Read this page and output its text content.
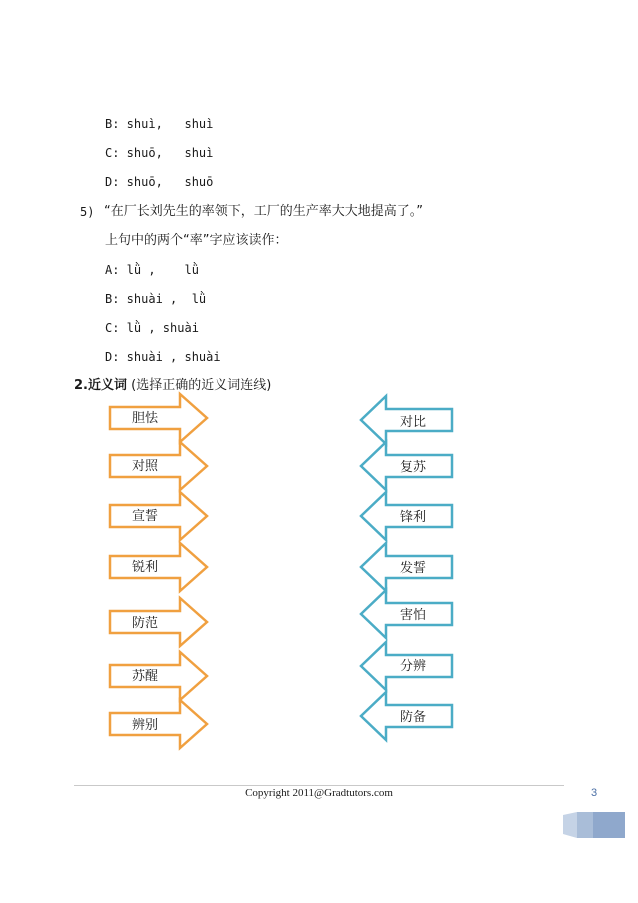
B: shuì,   shuì
C: shuō,   shuì
D: shuō,   shuō
5) “在厂长刘先生的率领下，工厂的生产率大大地提高了。”
上句中的两个“率”字应该读作：
A: lǜ ,    lǜ
B: shuài ,  lǜ
C: lǜ , shuài
D: shuài , shuài
2.近义词 (选择正确的近义词连线)
胆怯
对照
宣誓
锐利
防范
苏醒
辨别
对比
复苏
锋利
发誓
害怕
分辨
防备
Copyright 2011@Gradtutors.com	3
